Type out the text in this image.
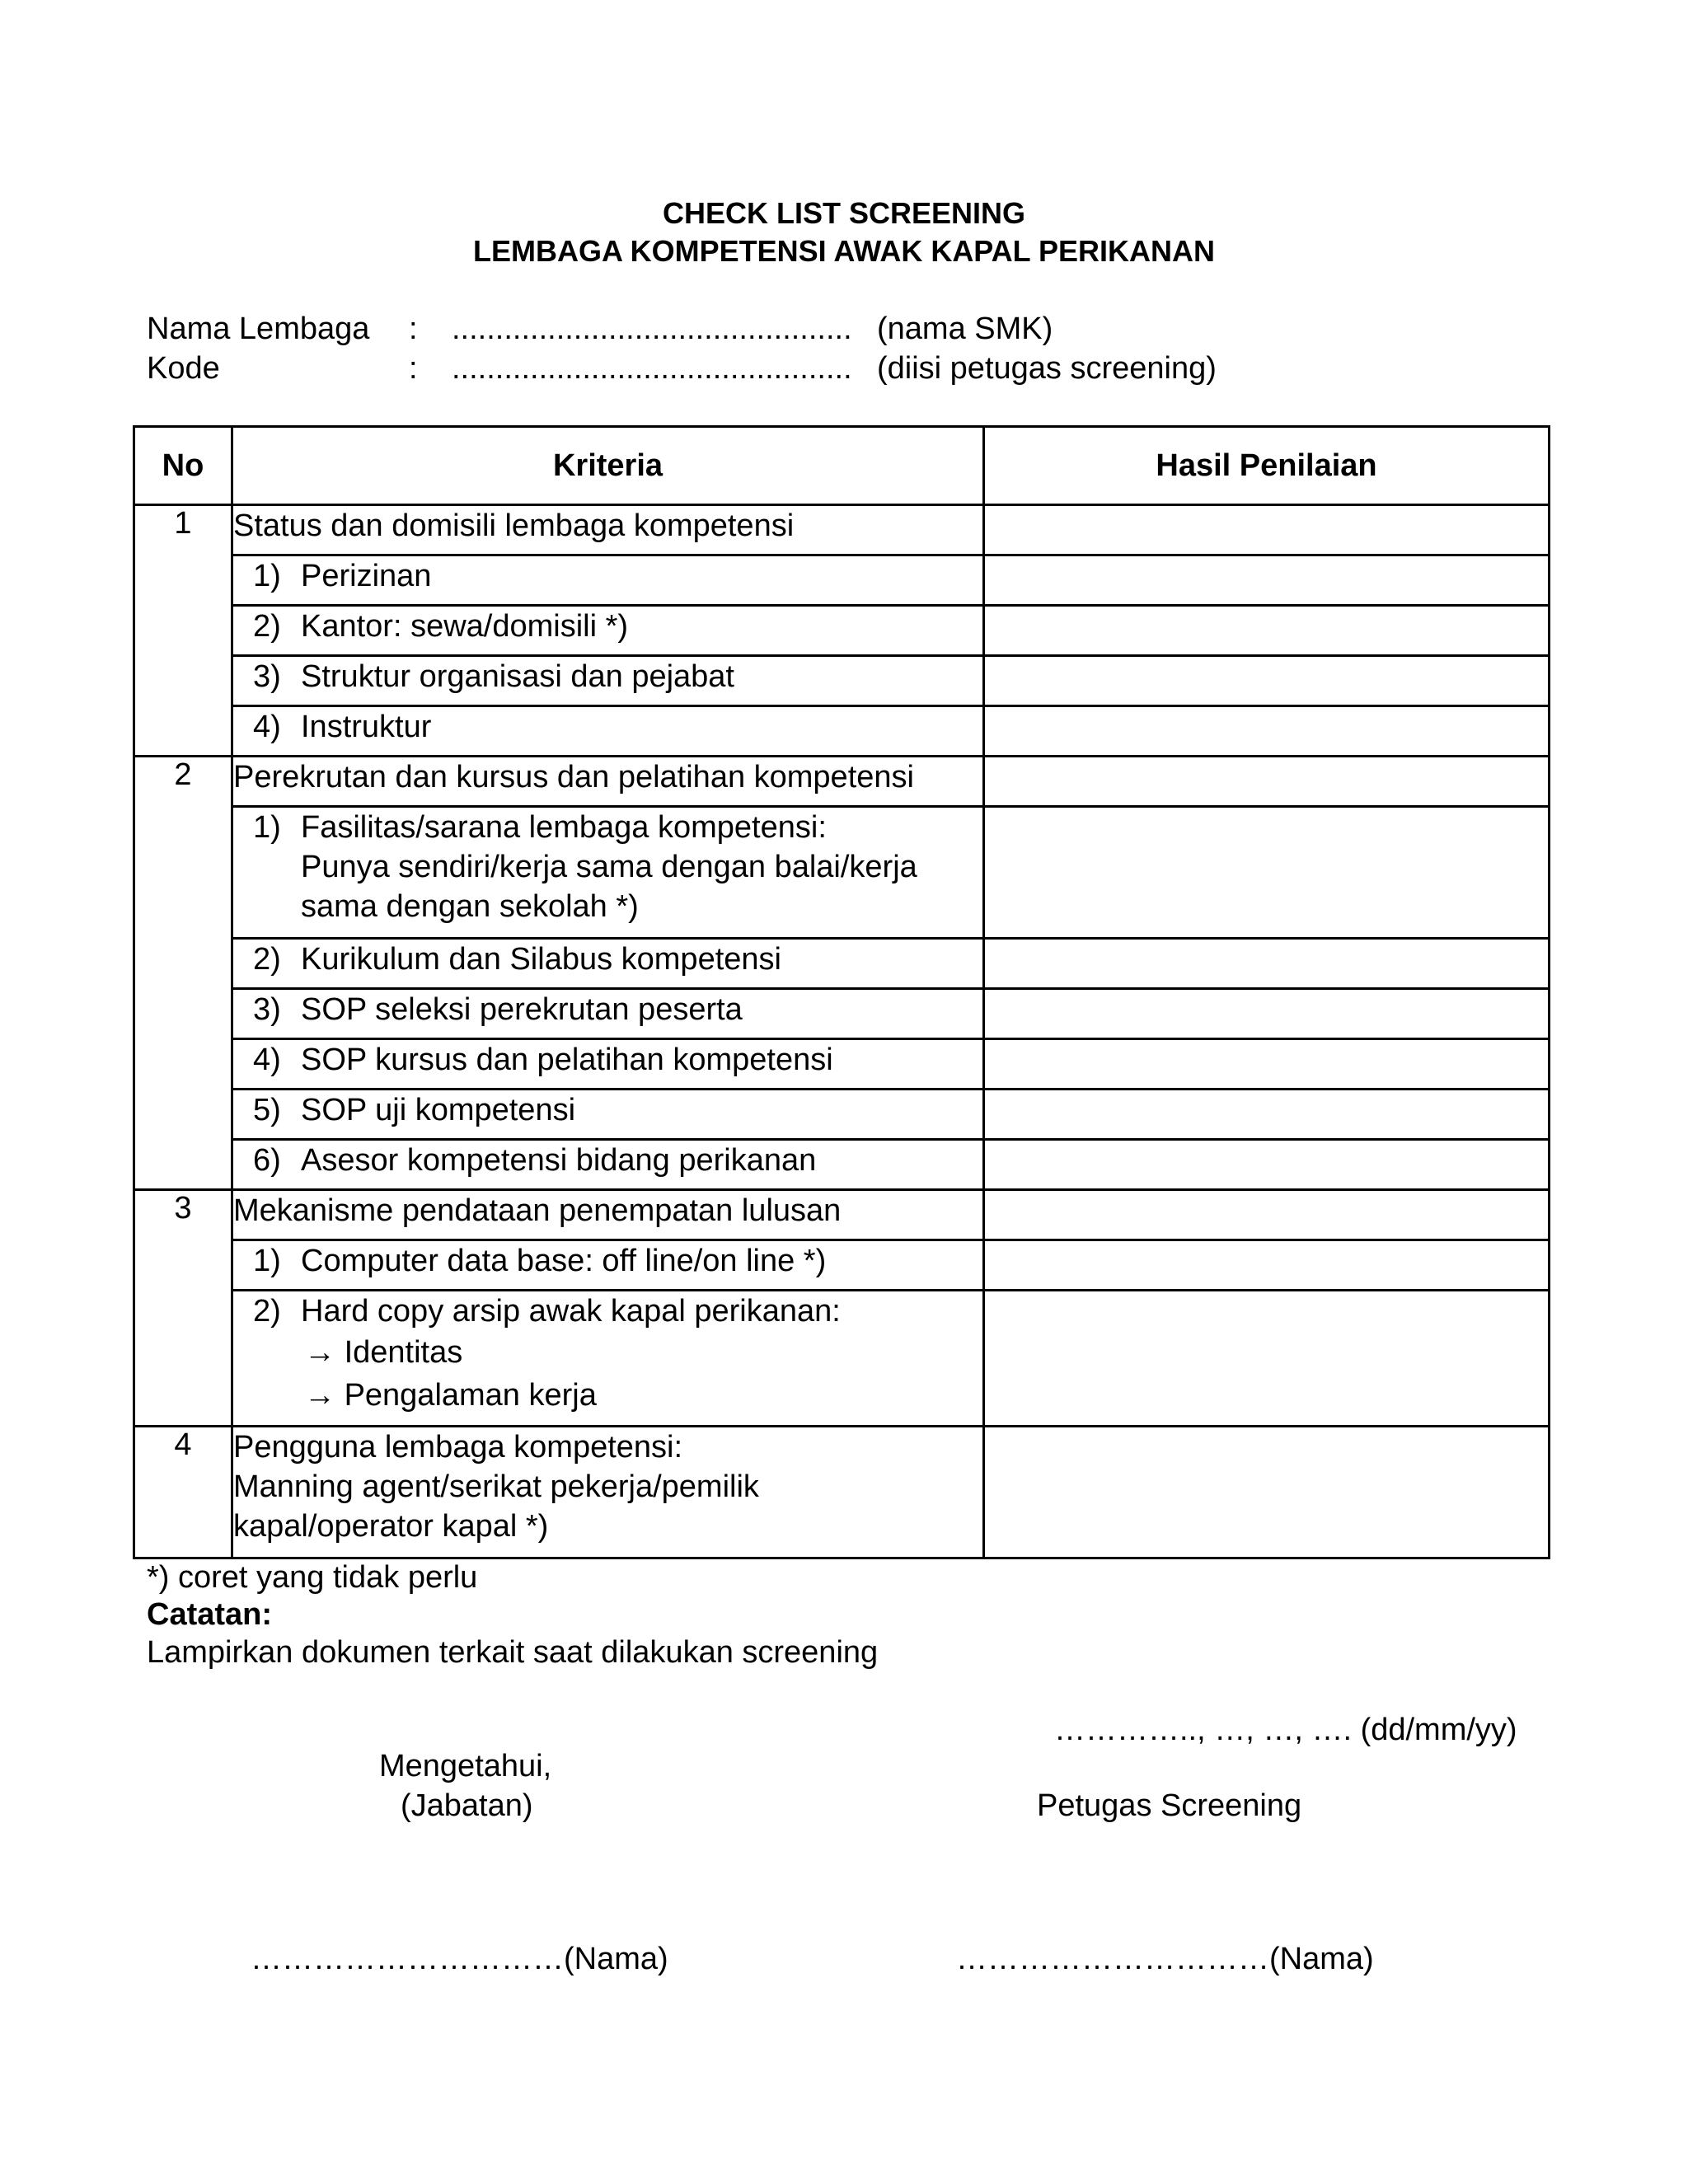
CHECK LIST SCREENING
LEMBAGA KOMPETENSI AWAK KAPAL PERIKANAN
Nama Lembaga : .............................................. (nama SMK)
Kode	: .............................................. (diisi petugas screening)
No	Kriteria	Hasil Penilaian
1	Status dan domisili lembaga kompetensi	
	1) Perizinan	
	2) Kantor: sewa/domisili *)	
	3) Struktur organisasi dan pejabat	
	4) Instruktur	
2	Perekrutan dan kursus dan pelatihan kompetensi	
	1) Fasilitas/sarana lembaga kompetensi:
Punya sendiri/kerja sama dengan balai/kerja
sama dengan sekolah *)	

	2) Kurikulum dan Silabus kompetensi	
	3) SOP seleksi perekrutan peserta	
	4) SOP kursus dan pelatihan kompetensi	
	5) SOP uji kompetensi	
	6) Asesor kompetensi bidang perikanan	
3	Mekanisme pendataan penempatan lulusan	
	1) Computer data base: off line/on line *)	
	2) Hard copy arsip awak kapal perikanan:
→ Identitas
→ Pengalaman kerja	

4	Pengguna lembaga kompetensi:
Manning agent/serikat pekerja/pemilik
kapal/operator kapal *)	

*) coret yang tidak perlu
Catatan:
Lampirkan dokumen terkait saat dilakukan screening
………….., …, …, …. (dd/mm/yy)
Mengetahui,
(Jabatan)	Petugas Screening
…………………………(Nama)	…………………………(Nama)
